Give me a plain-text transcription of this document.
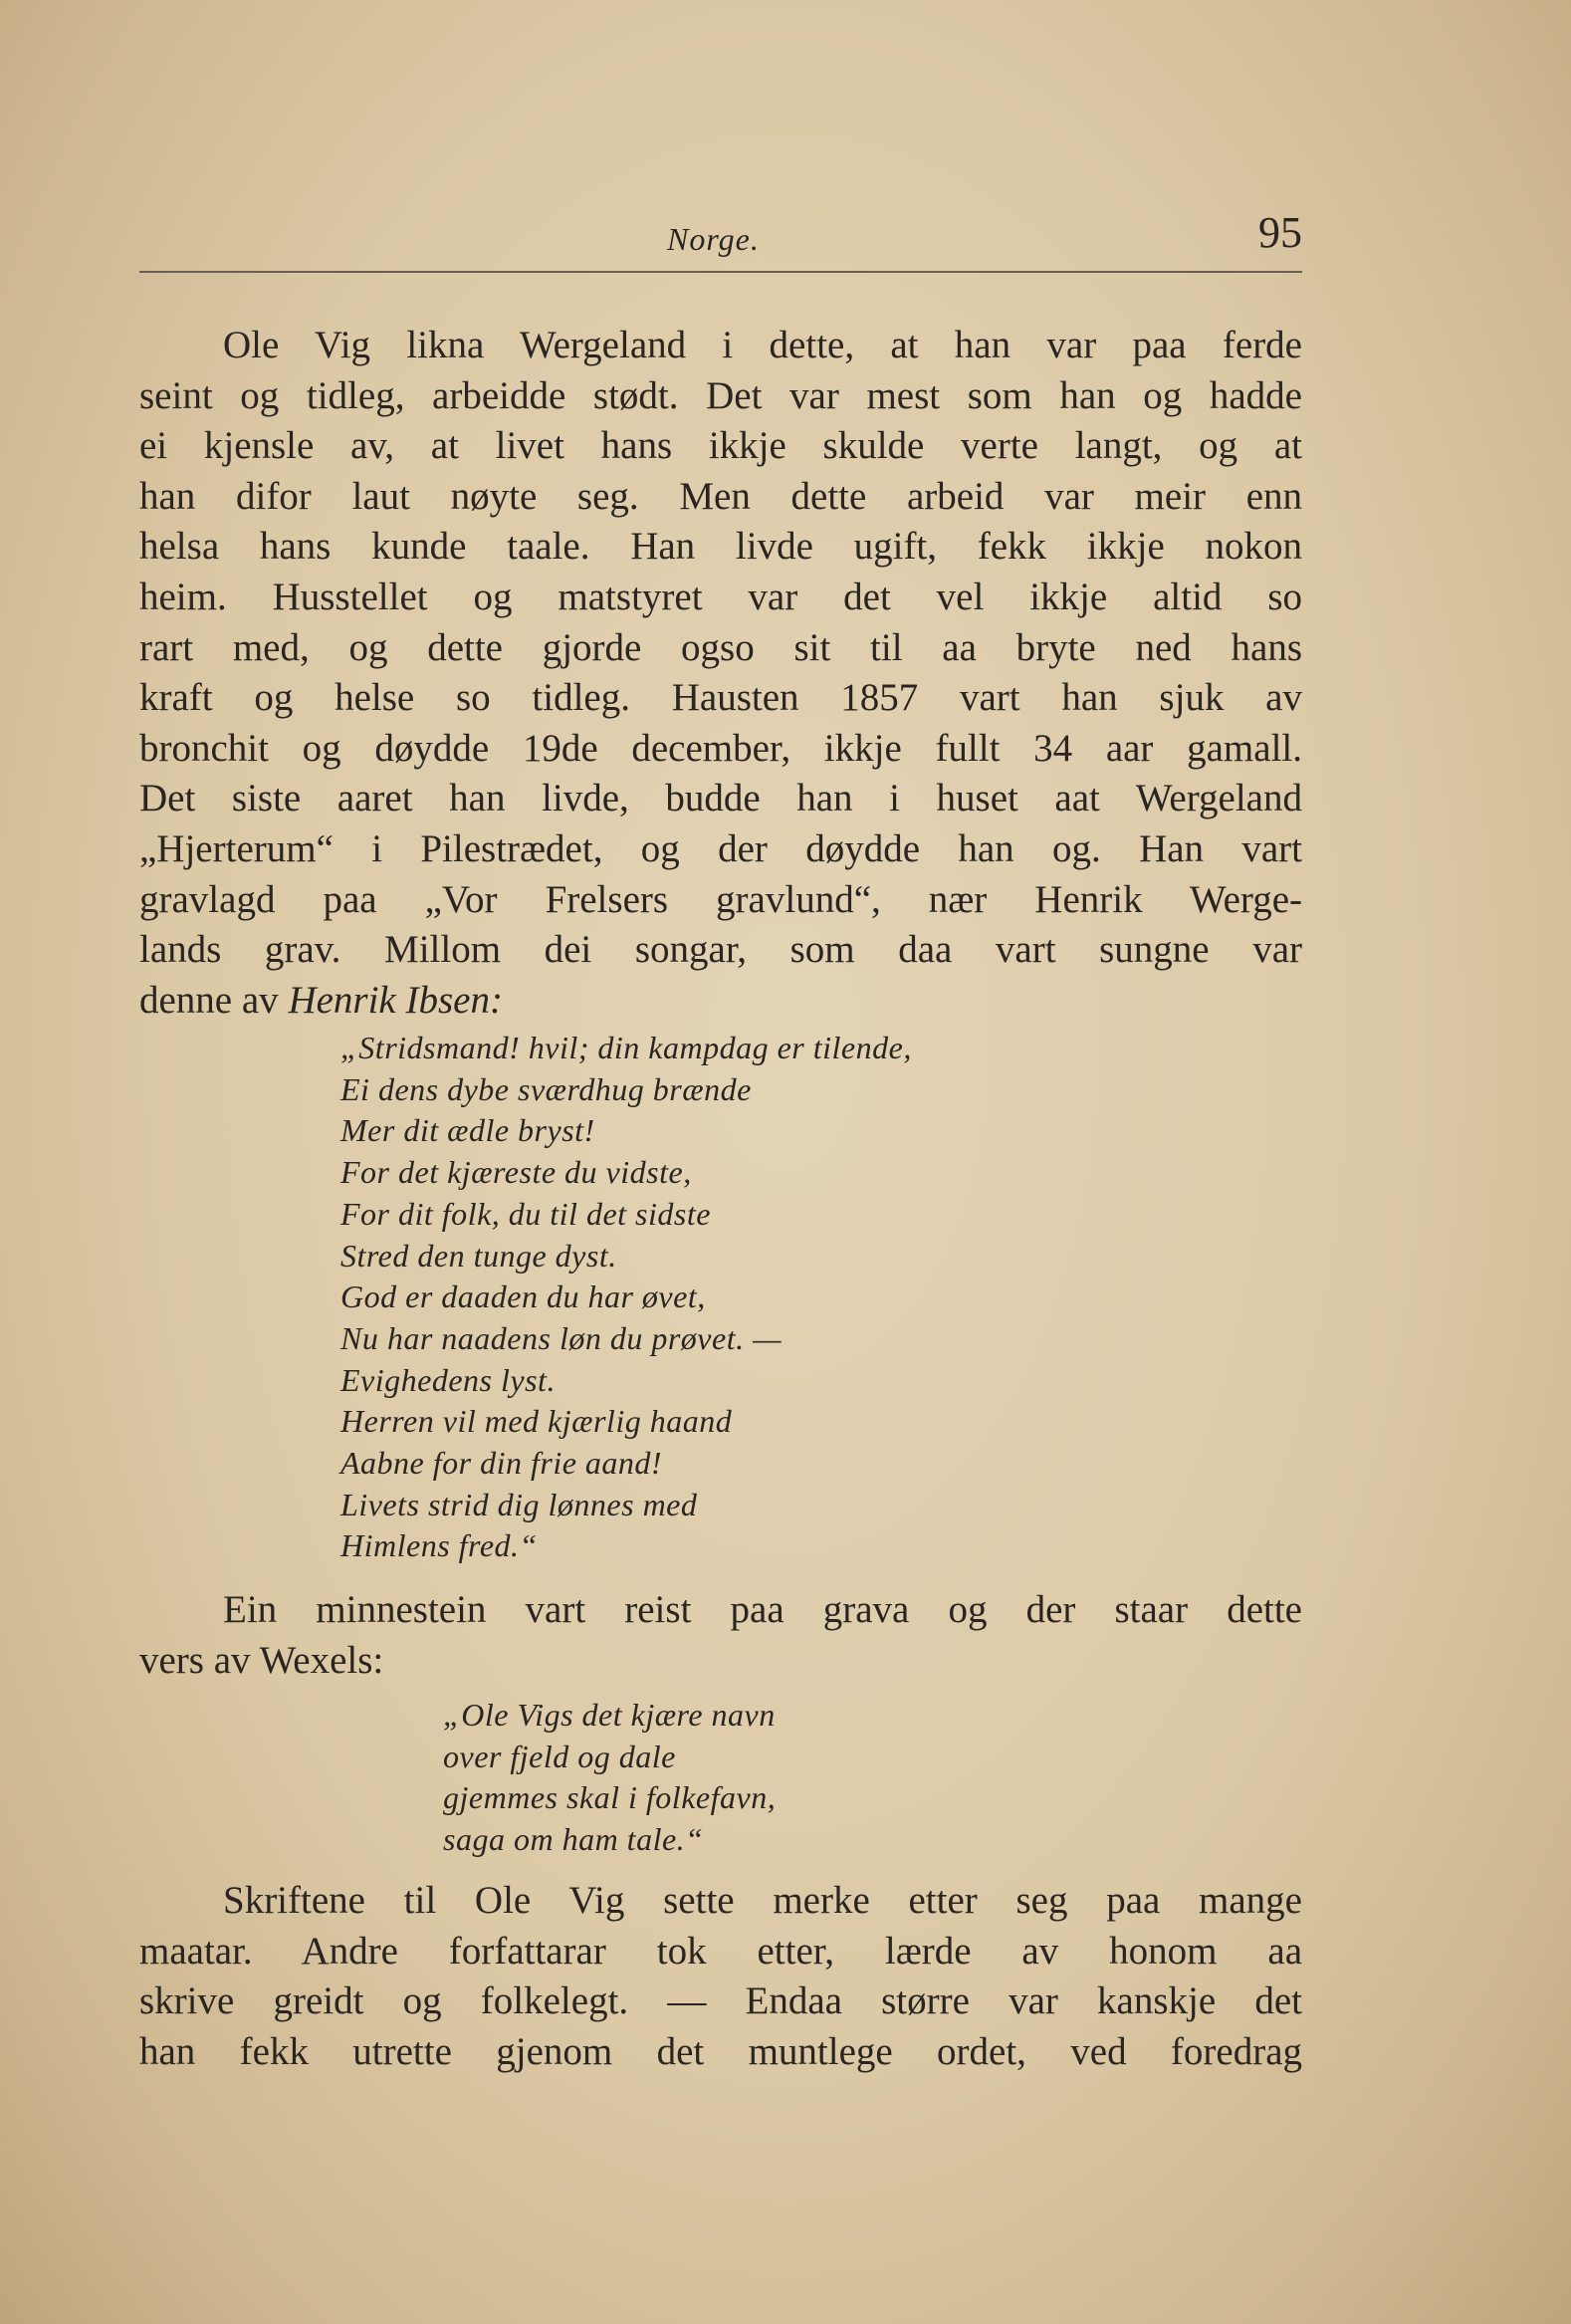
Norge.	95
Ole Vig likna Wergeland i dette, at han var paa ferde
seint og tidleg, arbeidde stødt. Det var mest som han og hadde
ei kjensle av, at livet hans ikkje skulde verte langt, og at
han difor laut nøyte seg. Men dette arbeid var meir enn
helsa hans kunde taale. Han livde ugift, fekk ikkje nokon
heim. Husstellet og matstyret var det vel ikkje altid so
rart med, og dette gjorde ogso sit til aa bryte ned hans
kraft og helse so tidleg. Hausten 1857 vart han sjuk av
bronchit og døydde 19de december, ikkje fullt 34 aar gamall.
Det siste aaret han livde, budde han i huset aat Wergeland
„Hjerterum“ i Pilestrædet, og der døydde han og. Han vart
gravlagd paa „Vor Frelsers gravlund“, nær Henrik Werge-
lands grav. Millom dei songar, som daa vart sungne var
denne av Henrik Ibsen:
„Stridsmand! hvil; din kampdag er tilende,
Ei dens dybe sværdhug brænde
Mer dit ædle bryst!
For det kjæreste du vidste,
For dit folk, du til det sidste
Stred den tunge dyst.
God er daaden du har øvet,
Nu har naadens løn du prøvet. —
Evighedens lyst.
Herren vil med kjærlig haand
Aabne for din frie aand!
Livets strid dig lønnes med
Himlens fred.“
Ein minnestein vart reist paa grava og der staar dette
vers av Wexels:
„Ole Vigs det kjære navn
over fjeld og dale
gjemmes skal i folkefavn,
saga om ham tale.“
Skriftene til Ole Vig sette merke etter seg paa mange
maatar. Andre forfattarar tok etter, lærde av honom aa
skrive greidt og folkelegt. — Endaa større var kanskje det
han fekk utrette gjenom det muntlege ordet, ved foredrag
